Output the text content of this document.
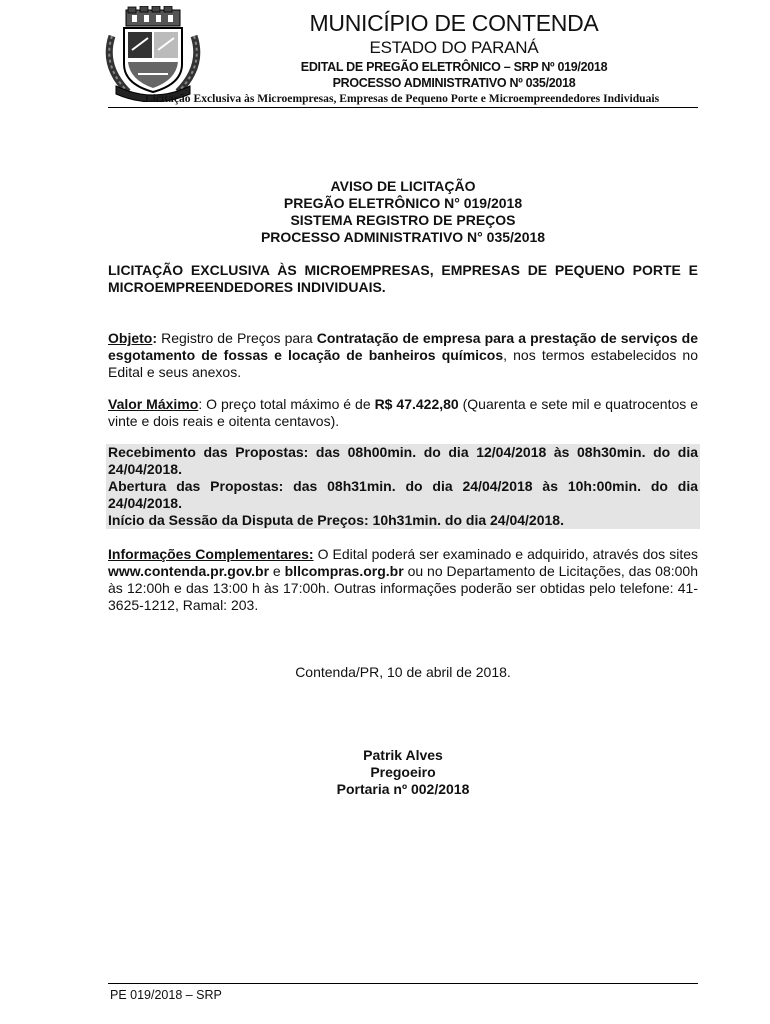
MUNICÍPIO DE CONTENDA
ESTADO DO PARANÁ
EDITAL DE PREGÃO ELETRÔNICO – SRP Nº 019/2018
PROCESSO ADMINISTRATIVO Nº 035/2018
Licitação Exclusiva às Microempresas, Empresas de Pequeno Porte e Microempreendedores Individuais
AVISO DE LICITAÇÃO
PREGÃO ELETRÔNICO N° 019/2018
SISTEMA REGISTRO DE PREÇOS
PROCESSO ADMINISTRATIVO N° 035/2018
LICITAÇÃO EXCLUSIVA ÀS MICROEMPRESAS, EMPRESAS DE PEQUENO PORTE E MICROEMPREENDEDORES INDIVIDUAIS.
Objeto: Registro de Preços para Contratação de empresa para a prestação de serviços de esgotamento de fossas e locação de banheiros químicos, nos termos estabelecidos no Edital e seus anexos.
Valor Máximo: O preço total máximo é de R$ 47.422,80 (Quarenta e sete mil e quatrocentos e vinte e dois reais e oitenta centavos).
Recebimento das Propostas: das 08h00min. do dia 12/04/2018 às 08h30min. do dia 24/04/2018.
Abertura das Propostas: das 08h31min. do dia 24/04/2018 às 10h:00min. do dia 24/04/2018.
Início da Sessão da Disputa de Preços: 10h31min. do dia 24/04/2018.
Informações Complementares: O Edital poderá ser examinado e adquirido, através dos sites www.contenda.pr.gov.br e bllcompras.org.br ou no Departamento de Licitações, das 08:00h às 12:00h e das 13:00 h às 17:00h. Outras informações poderão ser obtidas pelo telefone: 41-3625-1212, Ramal: 203.
Contenda/PR, 10 de abril de 2018.
Patrik Alves
Pregoeiro
Portaria nº 002/2018
PE 019/2018 – SRP
